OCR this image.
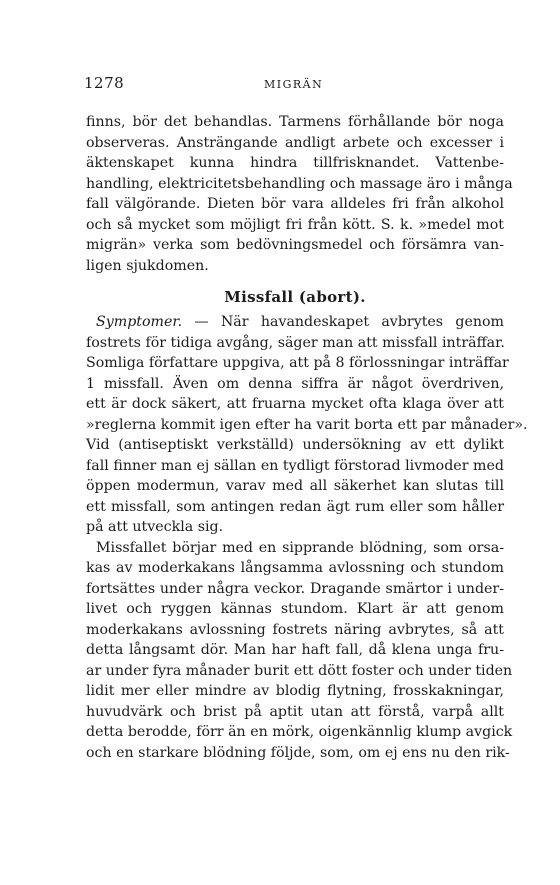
1278	MIGRÄN
finns, bör det behandlas. Tarmens förhållande bör noga
observeras. Ansträngande andligt arbete och excesser i
äktenskapet kunna hindra tillfrisknandet. Vattenbe-
handling, elektricitetsbehandling och massage äro i många
fall välgörande. Dieten bör vara alldeles fri från alkohol
och så mycket som möjligt fri från kött. S. k. »medel mot
migrän» verka som bedövningsmedel och försämra van-
ligen sjukdomen.
Missfall (abort).
Symptomer. — När havandeskapet avbrytes genom
fostrets för tidiga avgång, säger man att missfall inträffar.
Somliga författare uppgiva, att på 8 förlossningar inträffar
1 missfall. Även om denna siffra är något överdriven,
ett är dock säkert, att fruarna mycket ofta klaga över att
»reglerna kommit igen efter ha varit borta ett par månader».
Vid (antiseptiskt verkställd) undersökning av ett dylikt
fall finner man ej sällan en tydligt förstorad livmoder med
öppen modermun, varav med all säkerhet kan slutas till
ett missfall, som antingen redan ägt rum eller som håller
på att utveckla sig.
Missfallet börjar med en sipprande blödning, som orsa-
kas av moderkakans långsamma avlossning och stundom
fortsättes under några veckor. Dragande smärtor i under-
livet och ryggen kännas stundom. Klart är att genom
moderkakans avlossning fostrets näring avbrytes, så att
detta långsamt dör. Man har haft fall, då klena unga fru-
ar under fyra månader burit ett dött foster och under tiden
lidit mer eller mindre av blodig flytning, frosskakningar,
huvudvärk och brist på aptit utan att förstå, varpå allt
detta berodde, förr än en mörk, oigenkännlig klump avgick
och en starkare blödning följde, som, om ej ens nu den rik-
